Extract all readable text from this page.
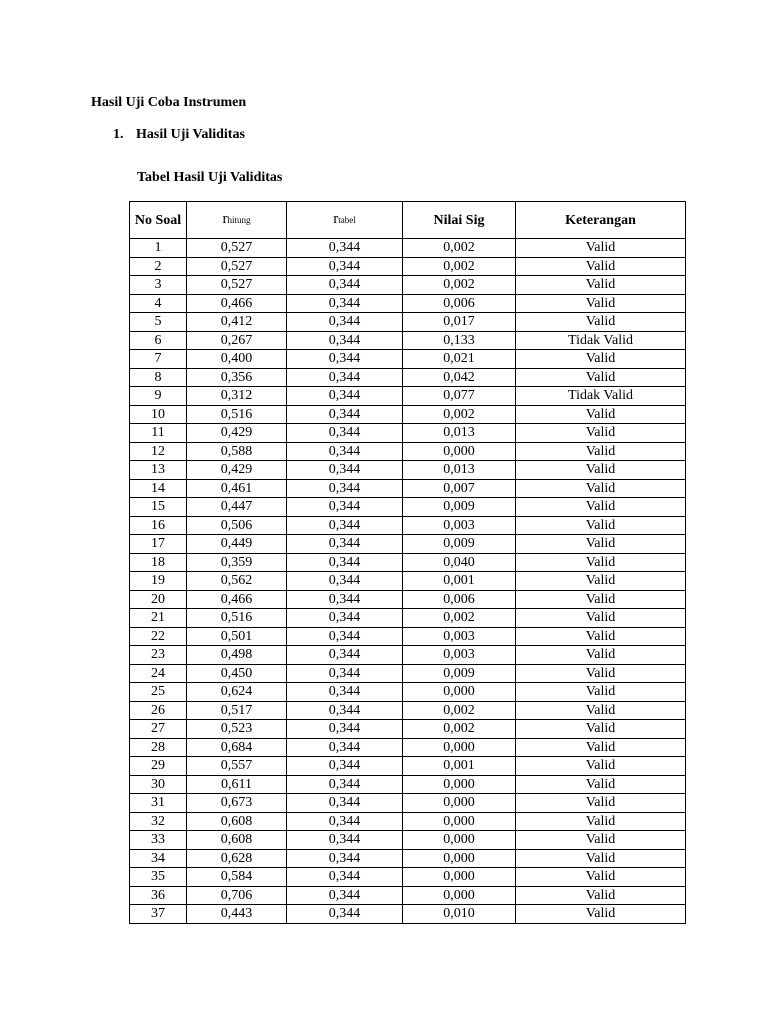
Hasil Uji Coba Instrumen

1. Hasil Uji Validitas

Tabel Hasil Uji Validitas

No Soal	rhitung	rtabel	Nilai Sig	Keterangan
1	0,527	0,344	0,002	Valid
2	0,527	0,344	0,002	Valid
3	0,527	0,344	0,002	Valid
4	0,466	0,344	0,006	Valid
5	0,412	0,344	0,017	Valid
6	0,267	0,344	0,133	Tidak Valid
7	0,400	0,344	0,021	Valid
8	0,356	0,344	0,042	Valid
9	0,312	0,344	0,077	Tidak Valid
10	0,516	0,344	0,002	Valid
11	0,429	0,344	0,013	Valid
12	0,588	0,344	0,000	Valid
13	0,429	0,344	0,013	Valid
14	0,461	0,344	0,007	Valid
15	0,447	0,344	0,009	Valid
16	0,506	0,344	0,003	Valid
17	0,449	0,344	0,009	Valid
18	0,359	0,344	0,040	Valid
19	0,562	0,344	0,001	Valid
20	0,466	0,344	0,006	Valid
21	0,516	0,344	0,002	Valid
22	0,501	0,344	0,003	Valid
23	0,498	0,344	0,003	Valid
24	0,450	0,344	0,009	Valid
25	0,624	0,344	0,000	Valid
26	0,517	0,344	0,002	Valid
27	0,523	0,344	0,002	Valid
28	0,684	0,344	0,000	Valid
29	0,557	0,344	0,001	Valid
30	0,611	0,344	0,000	Valid
31	0,673	0,344	0,000	Valid
32	0,608	0,344	0,000	Valid
33	0,608	0,344	0,000	Valid
34	0,628	0,344	0,000	Valid
35	0,584	0,344	0,000	Valid
36	0,706	0,344	0,000	Valid
37	0,443	0,344	0,010	Valid
